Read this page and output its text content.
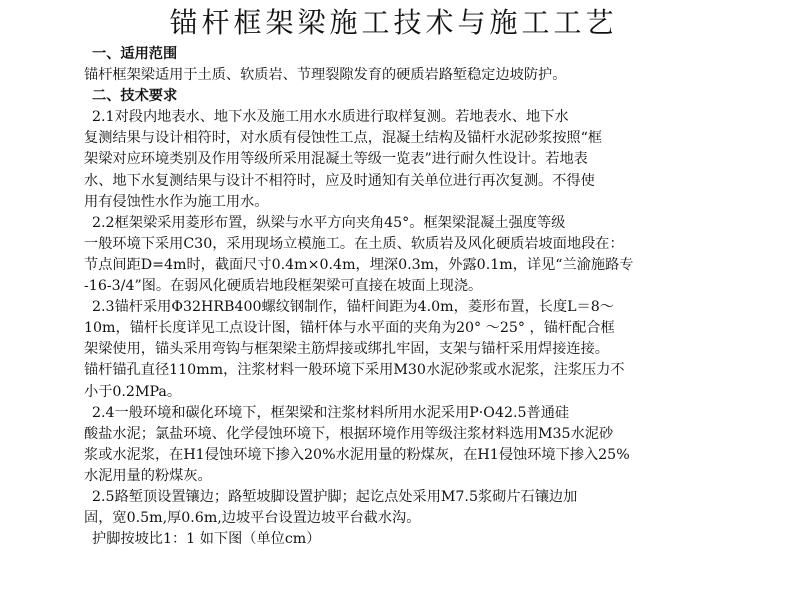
锚杆框架梁施工技术与施工工艺

一、适用范围

锚杆框架梁适用于土质、软质岩、节理裂隙发育的硬质岩路堑稳定边坡防护。

二、技术要求

2.1对段内地表水、地下水及施工用水水质进行取样复测。若地表水、地下水
复测结果与设计相符时，对水质有侵蚀性工点，混凝土结构及锚杆水泥砂浆按照“框
架梁对应环境类别及作用等级所采用混凝土等级一览表”进行耐久性设计。若地表
水、地下水复测结果与设计不相符时，应及时通知有关单位进行再次复测。不得使
用有侵蚀性水作为施工用水。

2.2框架梁采用菱形布置，纵梁与水平方向夹角45°。框架梁混凝土强度等级
一般环境下采用C30，采用现场立模施工。在土质、软质岩及风化硬质岩坡面地段在：
节点间距D=4m时，截面尺寸0.4m×0.4m，埋深0.3m，外露0.1m，详见“兰渝施路专
-16-3/4”图。在弱风化硬质岩地段框架梁可直接在坡面上现浇。

2.3锚杆采用Φ32HRB400螺纹钢制作，锚杆间距为4.0m，菱形布置，长度L＝8～
10m，锚杆长度详见工点设计图，锚杆体与水平面的夹角为20° ～25° ，锚杆配合框
架梁使用，锚头采用弯钩与框架梁主筋焊接或绑扎牢固，支架与锚杆采用焊接连接。
锚杆锚孔直径110mm，注浆材料一般环境下采用M30水泥砂浆或水泥浆，注浆压力不
小于0.2MPa。

2.4一般环境和碳化环境下，框架梁和注浆材料所用水泥采用P·O42.5普通硅
酸盐水泥；氯盐环境、化学侵蚀环境下，根据环境作用等级注浆材料选用M35水泥砂
浆或水泥浆，在H1侵蚀环境下掺入20%水泥用量的粉煤灰，在H1侵蚀环境下掺入25%
水泥用量的粉煤灰。

2.5路堑顶设置镶边；路堑坡脚设置护脚；起讫点处采用M7.5浆砌片石镶边加
固，宽0.5m,厚0.6m,边坡平台设置边坡平台截水沟。

护脚按坡比1：1 如下图（单位cm）
